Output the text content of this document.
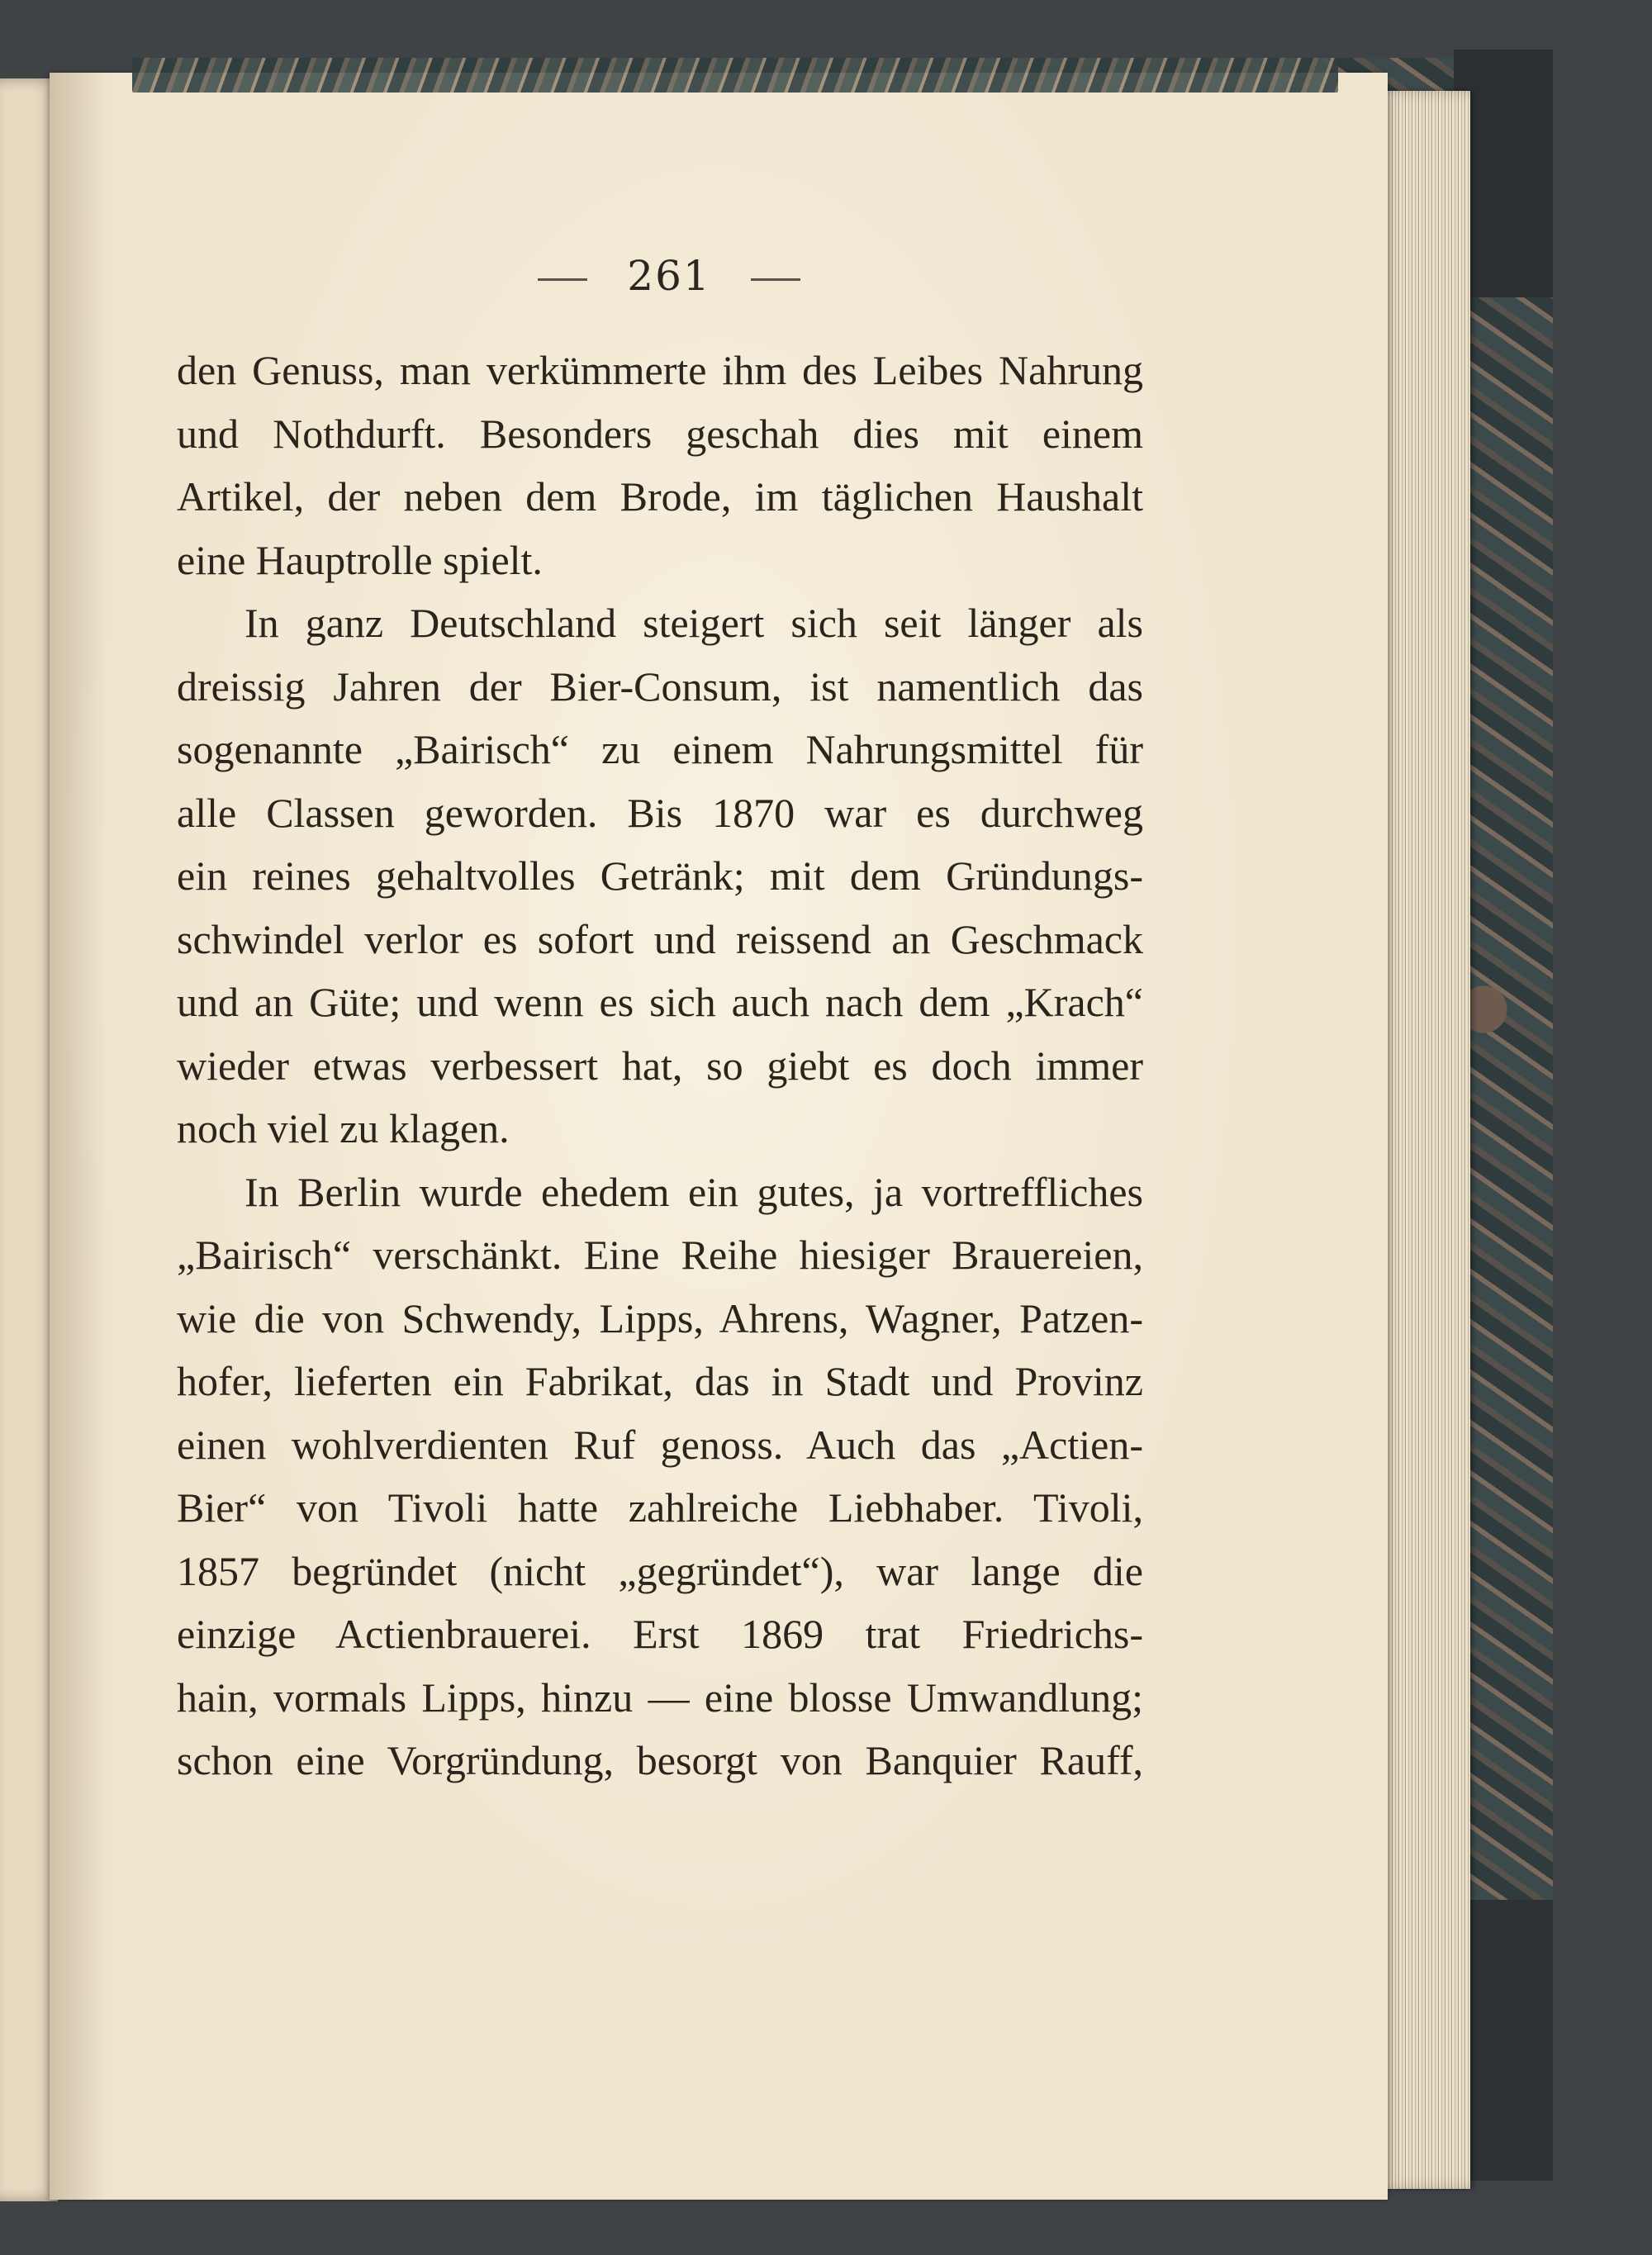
261
den Genuss, man verkümmerte ihm des Leibes Nahrung
und Nothdurft. Besonders geschah dies mit einem
Artikel, der neben dem Brode, im täglichen Haushalt
eine Hauptrolle spielt.
In ganz Deutschland steigert sich seit länger als
dreissig Jahren der Bier-Consum, ist namentlich das
sogenannte „Bairisch“ zu einem Nahrungsmittel für
alle Classen geworden. Bis 1870 war es durchweg
ein reines gehaltvolles Getränk; mit dem Gründungs-
schwindel verlor es sofort und reissend an Geschmack
und an Güte; und wenn es sich auch nach dem „Krach“
wieder etwas verbessert hat, so giebt es doch immer
noch viel zu klagen.
In Berlin wurde ehedem ein gutes, ja vortreffliches
„Bairisch“ verschänkt. Eine Reihe hiesiger Brauereien,
wie die von Schwendy, Lipps, Ahrens, Wagner, Patzen-
hofer, lieferten ein Fabrikat, das in Stadt und Provinz
einen wohlverdienten Ruf genoss. Auch das „Actien-
Bier“ von Tivoli hatte zahlreiche Liebhaber. Tivoli,
1857 begründet (nicht „gegründet“), war lange die
einzige Actienbrauerei. Erst 1869 trat Friedrichs-
hain, vormals Lipps, hinzu — eine blosse Umwandlung;
schon eine Vorgründung, besorgt von Banquier Rauff,
